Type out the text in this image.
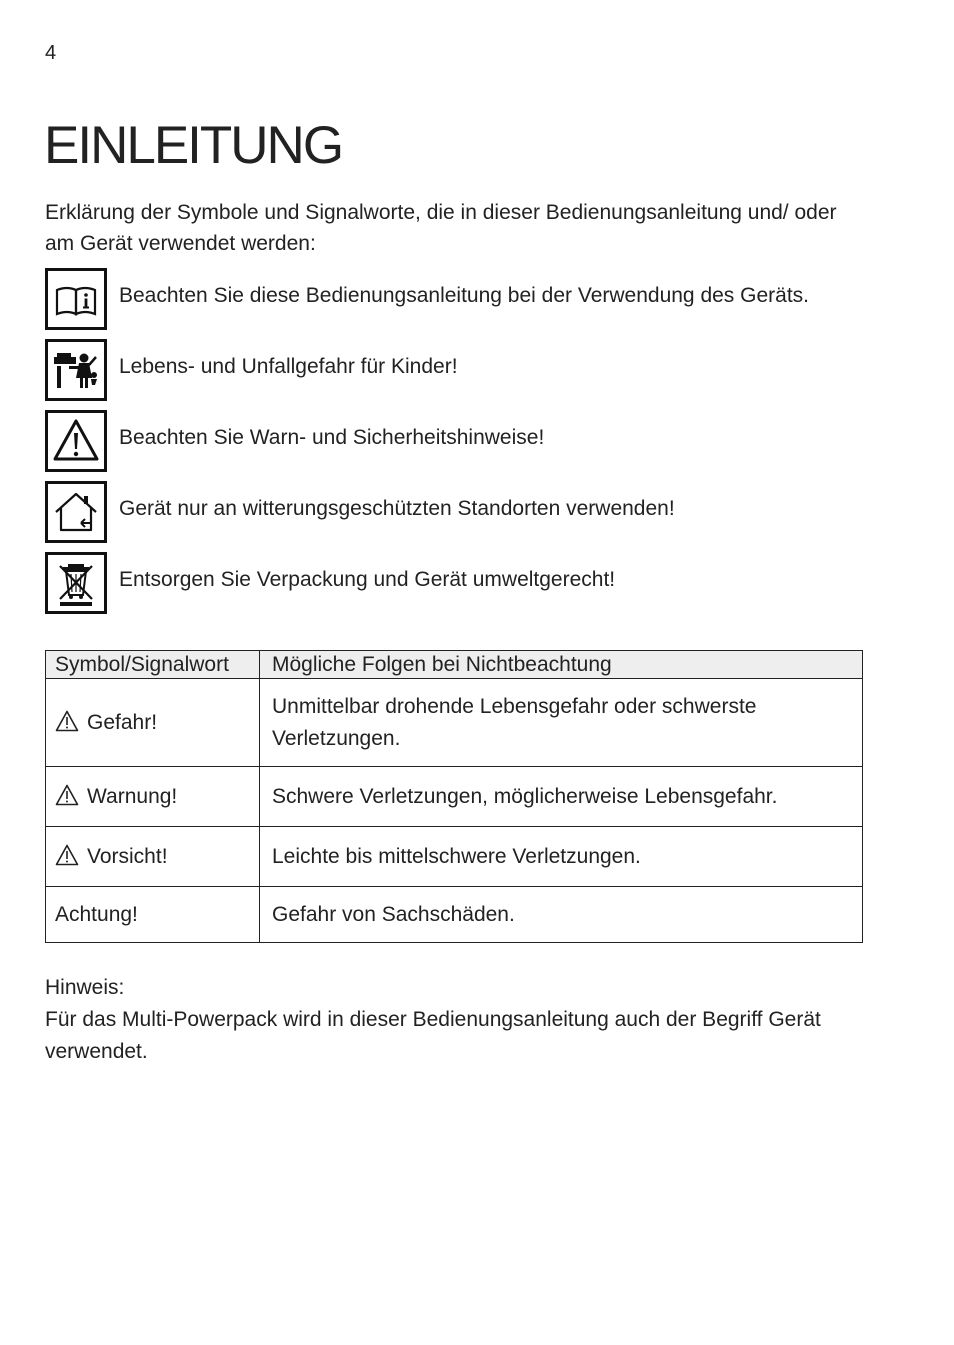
4
EINLEITUNG
Erklärung der Symbole und Signalworte, die in dieser Bedienungsanleitung und/ oder am Gerät verwendet werden:
Beachten Sie diese Bedienungsanleitung bei der Verwendung des Geräts.
Lebens- und Unfallgefahr für Kinder!
Beachten Sie Warn- und Sicherheitshinweise!
Gerät nur an witterungsgeschützten Standorten verwenden!
Entsorgen Sie Verpackung und Gerät umweltgerecht!
Symbol/Signalwort	Mögliche Folgen bei Nichtbeachtung
Gefahr!	Unmittelbar drohende Lebensgefahr oder schwerste Verletzungen.
Warnung!	Schwere Verletzungen, möglicherweise Lebensgefahr.
Vorsicht!	Leichte bis mittelschwere Verletzungen.
Achtung!	Gefahr von Sachschäden.
Hinweis:
Für das Multi-Powerpack wird in dieser Bedienungsanleitung auch der Begriff Gerät verwendet.
